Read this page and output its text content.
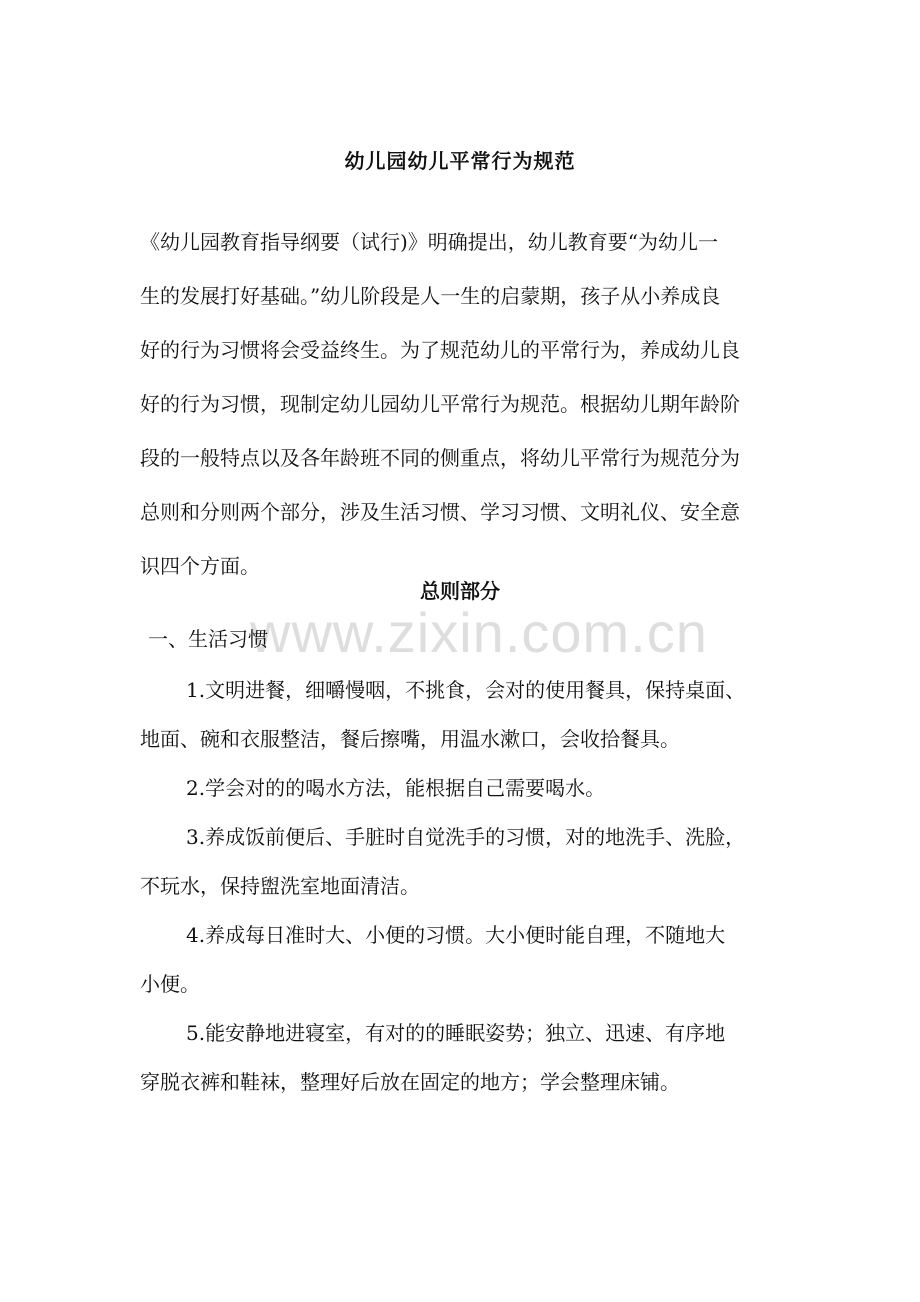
幼儿园幼儿平常行为规范

《幼儿园教育指导纲要（试行)》明确提出，幼儿教育要“为幼儿一
生的发展打好基础。”幼儿阶段是人一生的启蒙期，孩子从小养成良
好的行为习惯将会受益终生。为了规范幼儿的平常行为，养成幼儿良
好的行为习惯，现制定幼儿园幼儿平常行为规范。根据幼儿期年龄阶
段的一般特点以及各年龄班不同的侧重点，将幼儿平常行为规范分为
总则和分则两个部分，涉及生活习惯、学习习惯、文明礼仪、安全意
识四个方面。

总则部分
www.zixin.com.cn
一、生活习惯
1.文明进餐，细嚼慢咽，不挑食，会对的使用餐具，保持桌面、
地面、碗和衣服整洁，餐后擦嘴，用温水漱口，会收拾餐具。
2.学会对的的喝水方法，能根据自己需要喝水。
3.养成饭前便后、手脏时自觉洗手的习惯，对的地洗手、洗脸，
不玩水，保持盥洗室地面清洁。
4.养成每日准时大、小便的习惯。大小便时能自理，不随地大
小便。
5.能安静地进寝室，有对的的睡眠姿势；独立、迅速、有序地
穿脱衣裤和鞋袜，整理好后放在固定的地方；学会整理床铺。
